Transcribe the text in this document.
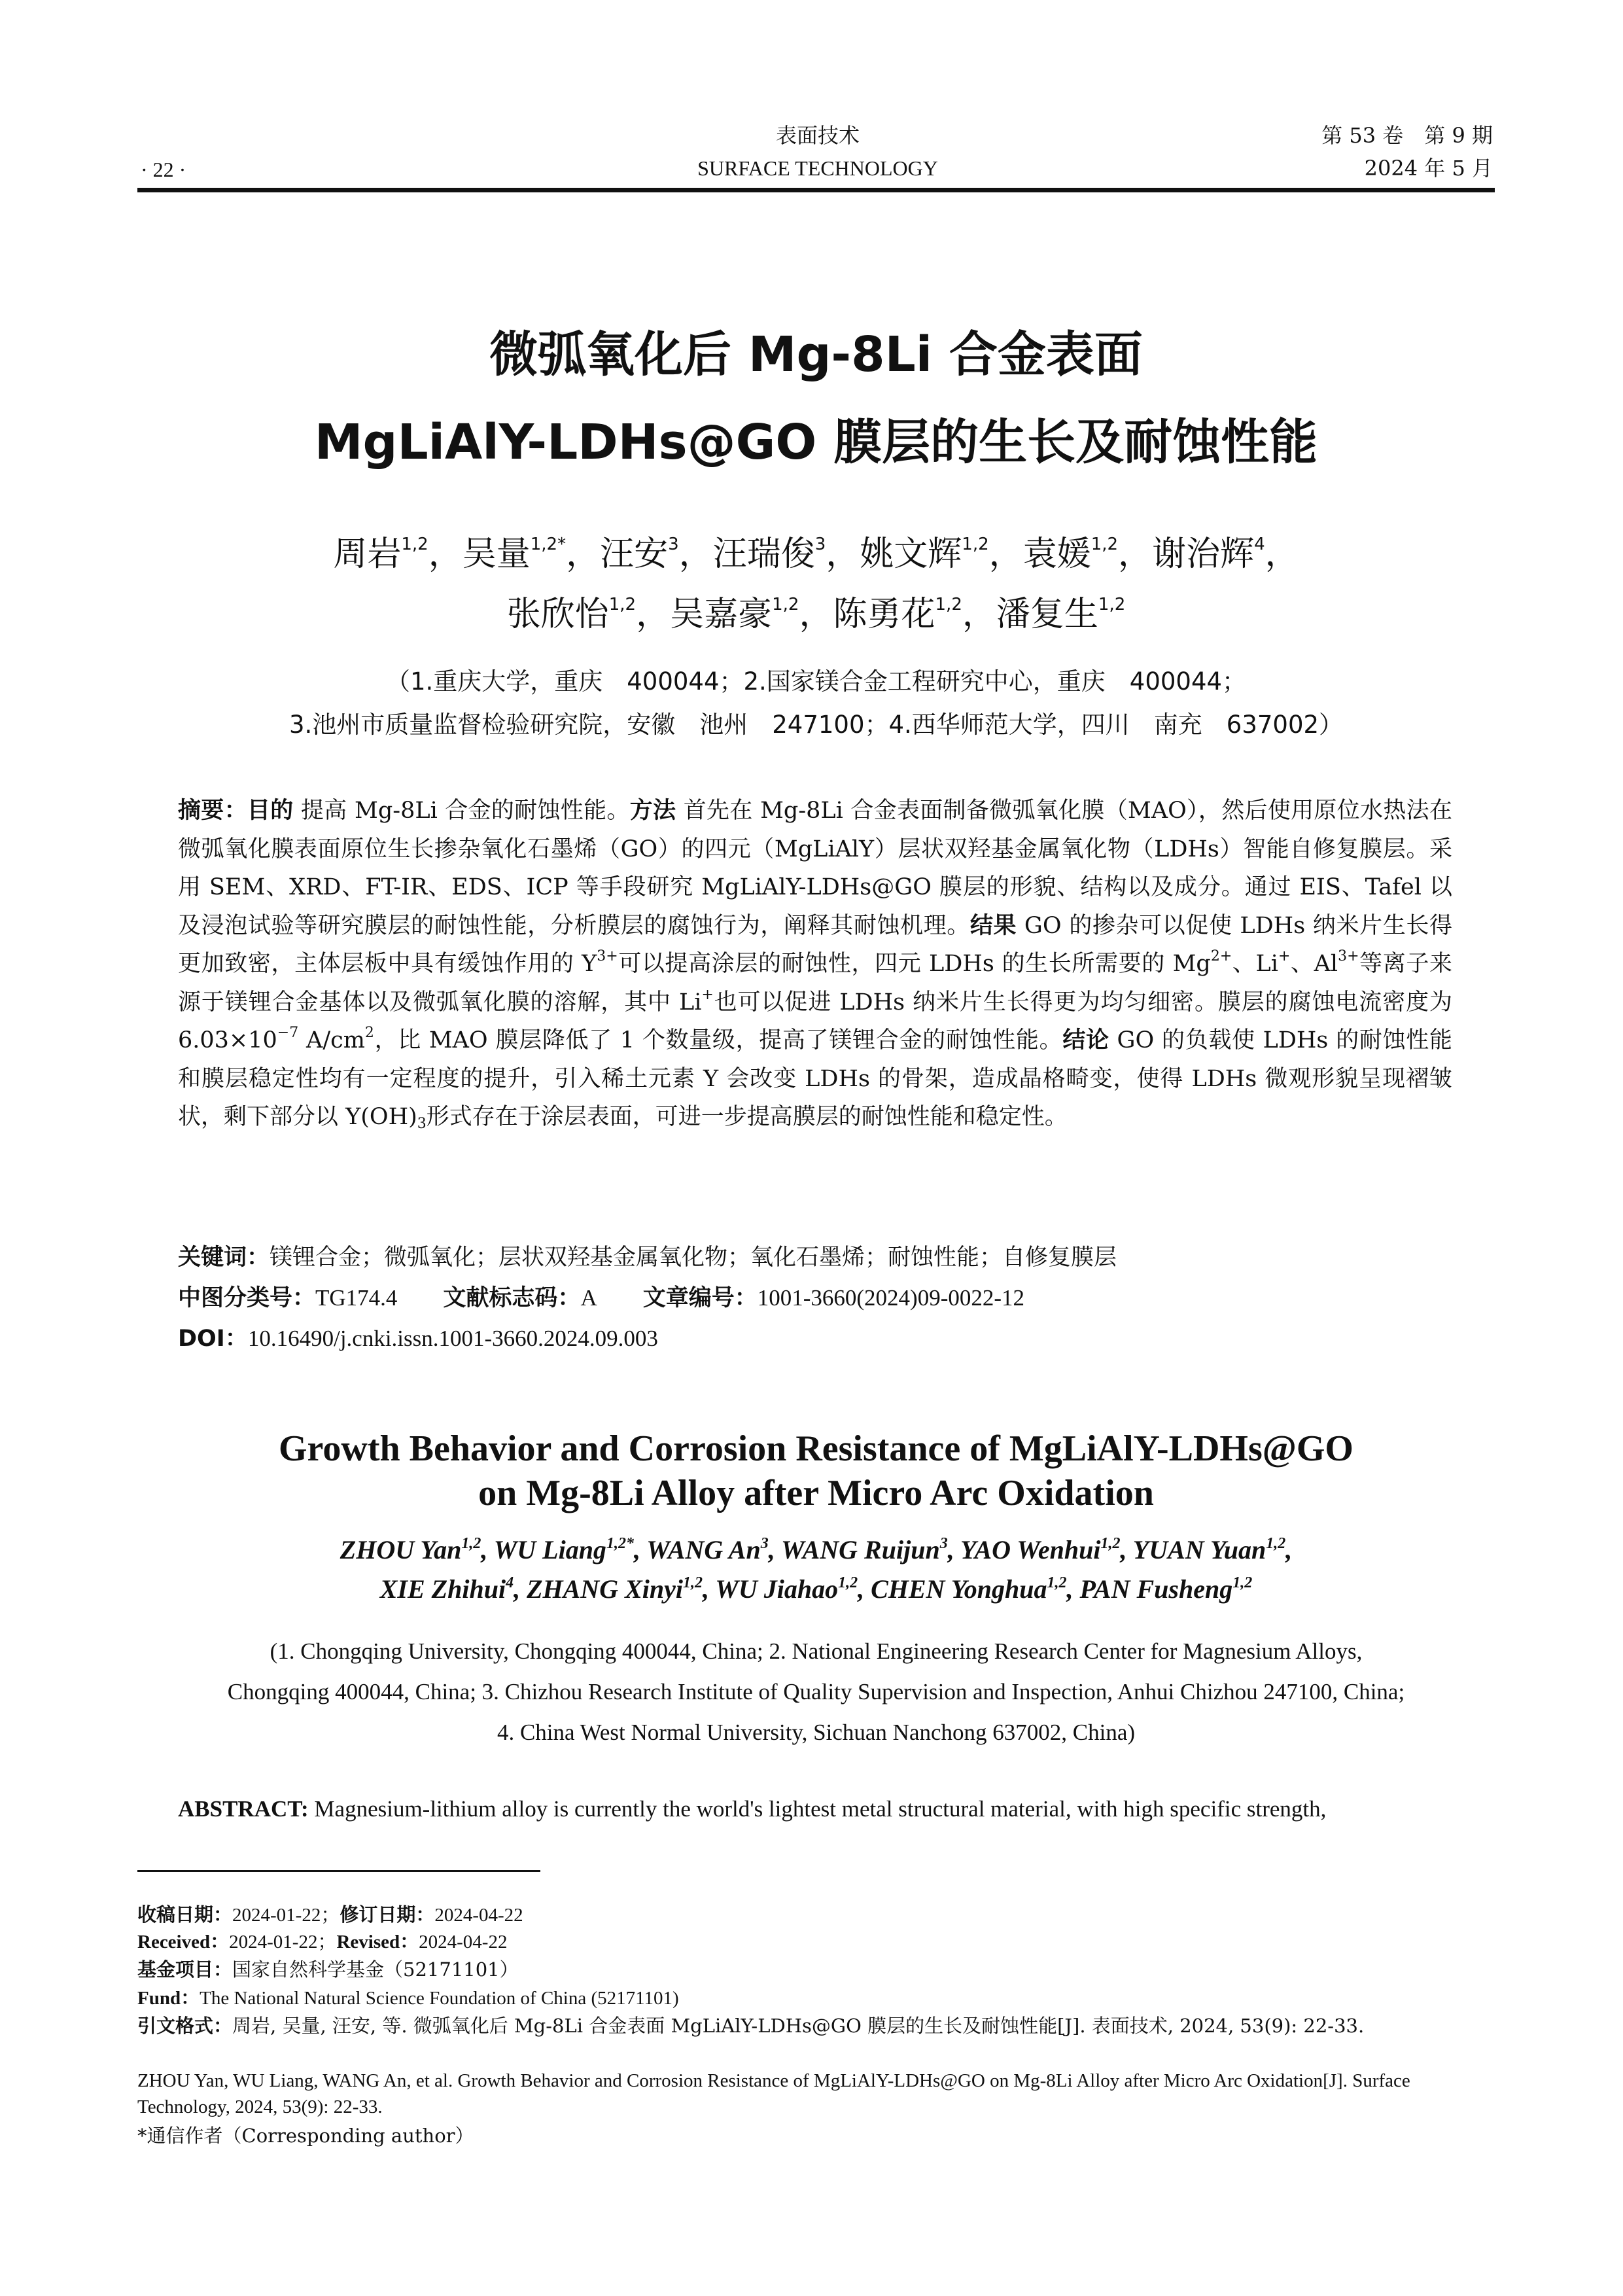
· 22 ·
表面技术
SURFACE TECHNOLOGY
第 53 卷　第 9 期
2024 年 5 月
微弧氧化后 Mg-8Li 合金表面
MgLiAlY-LDHs@GO 膜层的生长及耐蚀性能
周岩$^{1,2}$，吴量$^{1,2*}$，汪安$^3$，汪瑞俊$^3$，姚文辉$^{1,2}$，袁媛$^{1,2}$，谢治辉$^4$，
张欣怡$^{1,2}$，吴嘉豪$^{1,2}$，陈勇花$^{1,2}$，潘复生$^{1,2}$
（1.重庆大学，重庆　400044；2.国家镁合金工程研究中心，重庆　400044；
3.池州市质量监督检验研究院，安徽　池州　247100；4.西华师范大学，四川　南充　637002）
摘要：目的 提高 Mg-8Li 合金的耐蚀性能。方法 首先在 Mg-8Li 合金表面制备微弧氧化膜（MAO），然后使用原位水热法在微弧氧化膜表面原位生长掺杂氧化石墨烯（GO）的四元（MgLiAlY）层状双羟基金属氧化物（LDHs）智能自修复膜层。采用 SEM、XRD、FT-IR、EDS、ICP 等手段研究 MgLiAlY-LDHs@GO 膜层的形貌、结构以及成分。通过 EIS、Tafel 以及浸泡试验等研究膜层的耐蚀性能，分析膜层的腐蚀行为，阐释其耐蚀机理。结果 GO 的掺杂可以促使 LDHs 纳米片生长得更加致密，主体层板中具有缓蚀作用的 $Y^{3+}$可以提高涂层的耐蚀性，四元 LDHs 的生长所需要的 $Mg^{2+}$、Li+、$Al^{3+}$等离子来源于镁锂合金基体以及微弧氧化膜的溶解，其中 Li+也可以促进 LDHs 纳米片生长得更为均匀细密。膜层的腐蚀电流密度为 $6.03\times 10^{-7}$ $A/cm^2$，比 MAO 膜层降低了 1 个数量级，提高了镁锂合金的耐蚀性能。结论 GO 的负载使 LDHs 的耐蚀性能和膜层稳定性均有一定程度的提升，引入稀土元素 Y 会改变 LDHs 的骨架，造成晶格畸变，使得 LDHs 微观形貌呈现褶皱状，剩下部分以 $Y(OH)_3$形式存在于涂层表面，可进一步提高膜层的耐蚀性能和稳定性。
关键词：镁锂合金；微弧氧化；层状双羟基金属氧化物；氧化石墨烯；耐蚀性能；自修复膜层
中图分类号：TG174.4 文献标志码：A 文章编号：1001-3660(2024)09-0022-12
DOI：10.16490/j.cnki.issn.1001-3660.2024.09.003
Growth Behavior and Corrosion Resistance of MgLiAlY-LDHs@GO
on Mg-8Li Alloy after Micro Arc Oxidation
ZHOU Yan$^{1,2}$, WU Liang$^{1,2*}$, WANG An$^3$, WANG Ruijun$^3$, YAO Wenhui$^{1,2}$, YUAN Yuan$^{1,2}$,
XIE Zhihui$^4$, ZHANG Xinyi$^{1,2}$, WU Jiahao$^{1,2}$, CHEN Yonghua$^{1,2}$, PAN Fusheng$^{1,2}$
(1. Chongqing University, Chongqing 400044, China; 2. National Engineering Research Center for Magnesium Alloys,
Chongqing 400044, China; 3. Chizhou Research Institute of Quality Supervision and Inspection, Anhui Chizhou 247100, China;
4. China West Normal University, Sichuan Nanchong 637002, China)
ABSTRACT: Magnesium-lithium alloy is currently the world's lightest metal structural material, with high specific strength,
收稿日期：2024-01-22；修订日期：2024-04-22
Received：2024-01-22；Revised：2024-04-22
基金项目：国家自然科学基金（52171101）
Fund：The National Natural Science Foundation of China (52171101)
引文格式：周岩, 吴量, 汪安, 等. 微弧氧化后 Mg-8Li 合金表面 MgLiAlY-LDHs@GO 膜层的生长及耐蚀性能[J]. 表面技术, 2024, 53(9): 22-33.
ZHOU Yan, WU Liang, WANG An, et al. Growth Behavior and Corrosion Resistance of MgLiAlY-LDHs@GO on Mg-8Li Alloy after Micro Arc Oxidation[J]. Surface Technology, 2024, 53(9): 22-33.
*通信作者（Corresponding author）
